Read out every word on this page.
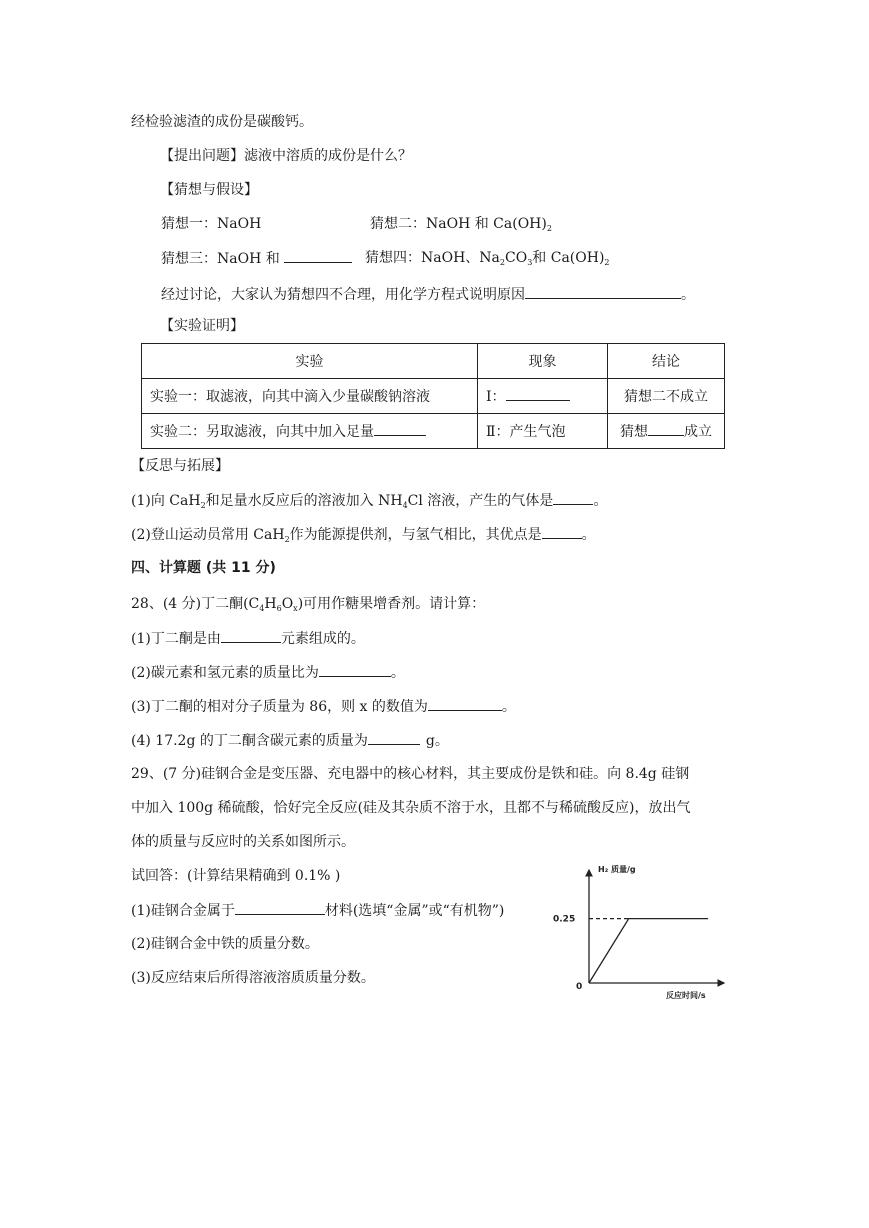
经检验滤渣的成份是碳酸钙。
【提出问题】滤液中溶质的成份是什么？
【猜想与假设】
猜想一：NaOH	猜想二：NaOH 和 $Ca(OH)_2$
猜想三：NaOH 和	猜想四：NaOH、$Na_2CO_3$和 $Ca(OH)_2$
经过讨论，大家认为猜想四不合理，用化学方程式说明原因	。
【实验证明】
实验	现象	结论
实验一：取滤液，向其中滴入少量碳酸钠溶液	Ⅰ：	猜想二不成立
实验二：另取滤液，向其中加入足量	Ⅱ：产生气泡	猜想 成立
【反思与拓展】
(1)向 CaH$_2$和足量水反应后的溶液加入 $NH_4Cl$ 溶液，产生的气体是	。
(2)登山运动员常用 CaH$_2$作为能源提供剂，与氢气相比，其优点是	。
四、计算题 (共 11 分)
28、(4 分)丁二酮$(C_4H_6O_x)$可用作糖果增香剂。请计算：
(1)丁二酮是由	元素组成的。
(2)碳元素和氢元素的质量比为	。
(3)丁二酮的相对分子质量为 86，则 x 的数值为	。
(4) 17.2g 的丁二酮含碳元素的质量为	g。
29、(7 分)硅钢合金是变压器、充电器中的核心材料，其主要成份是铁和硅。向 8.4g 硅钢
中加入 100g 稀硫酸，恰好完全反应(硅及其杂质不溶于水，且都不与稀硫酸反应)，放出气
体的质量与反应时的关系如图所示。
试回答：(计算结果精确到 0.1% )
(1)硅钢合金属于	材料(选填“金属”或“有机物”)
(2)硅钢合金中铁的质量分数。
(3)反应结束后所得溶液溶质质量分数。
H₂ 质量/g
反应时间/s
0
0.25
